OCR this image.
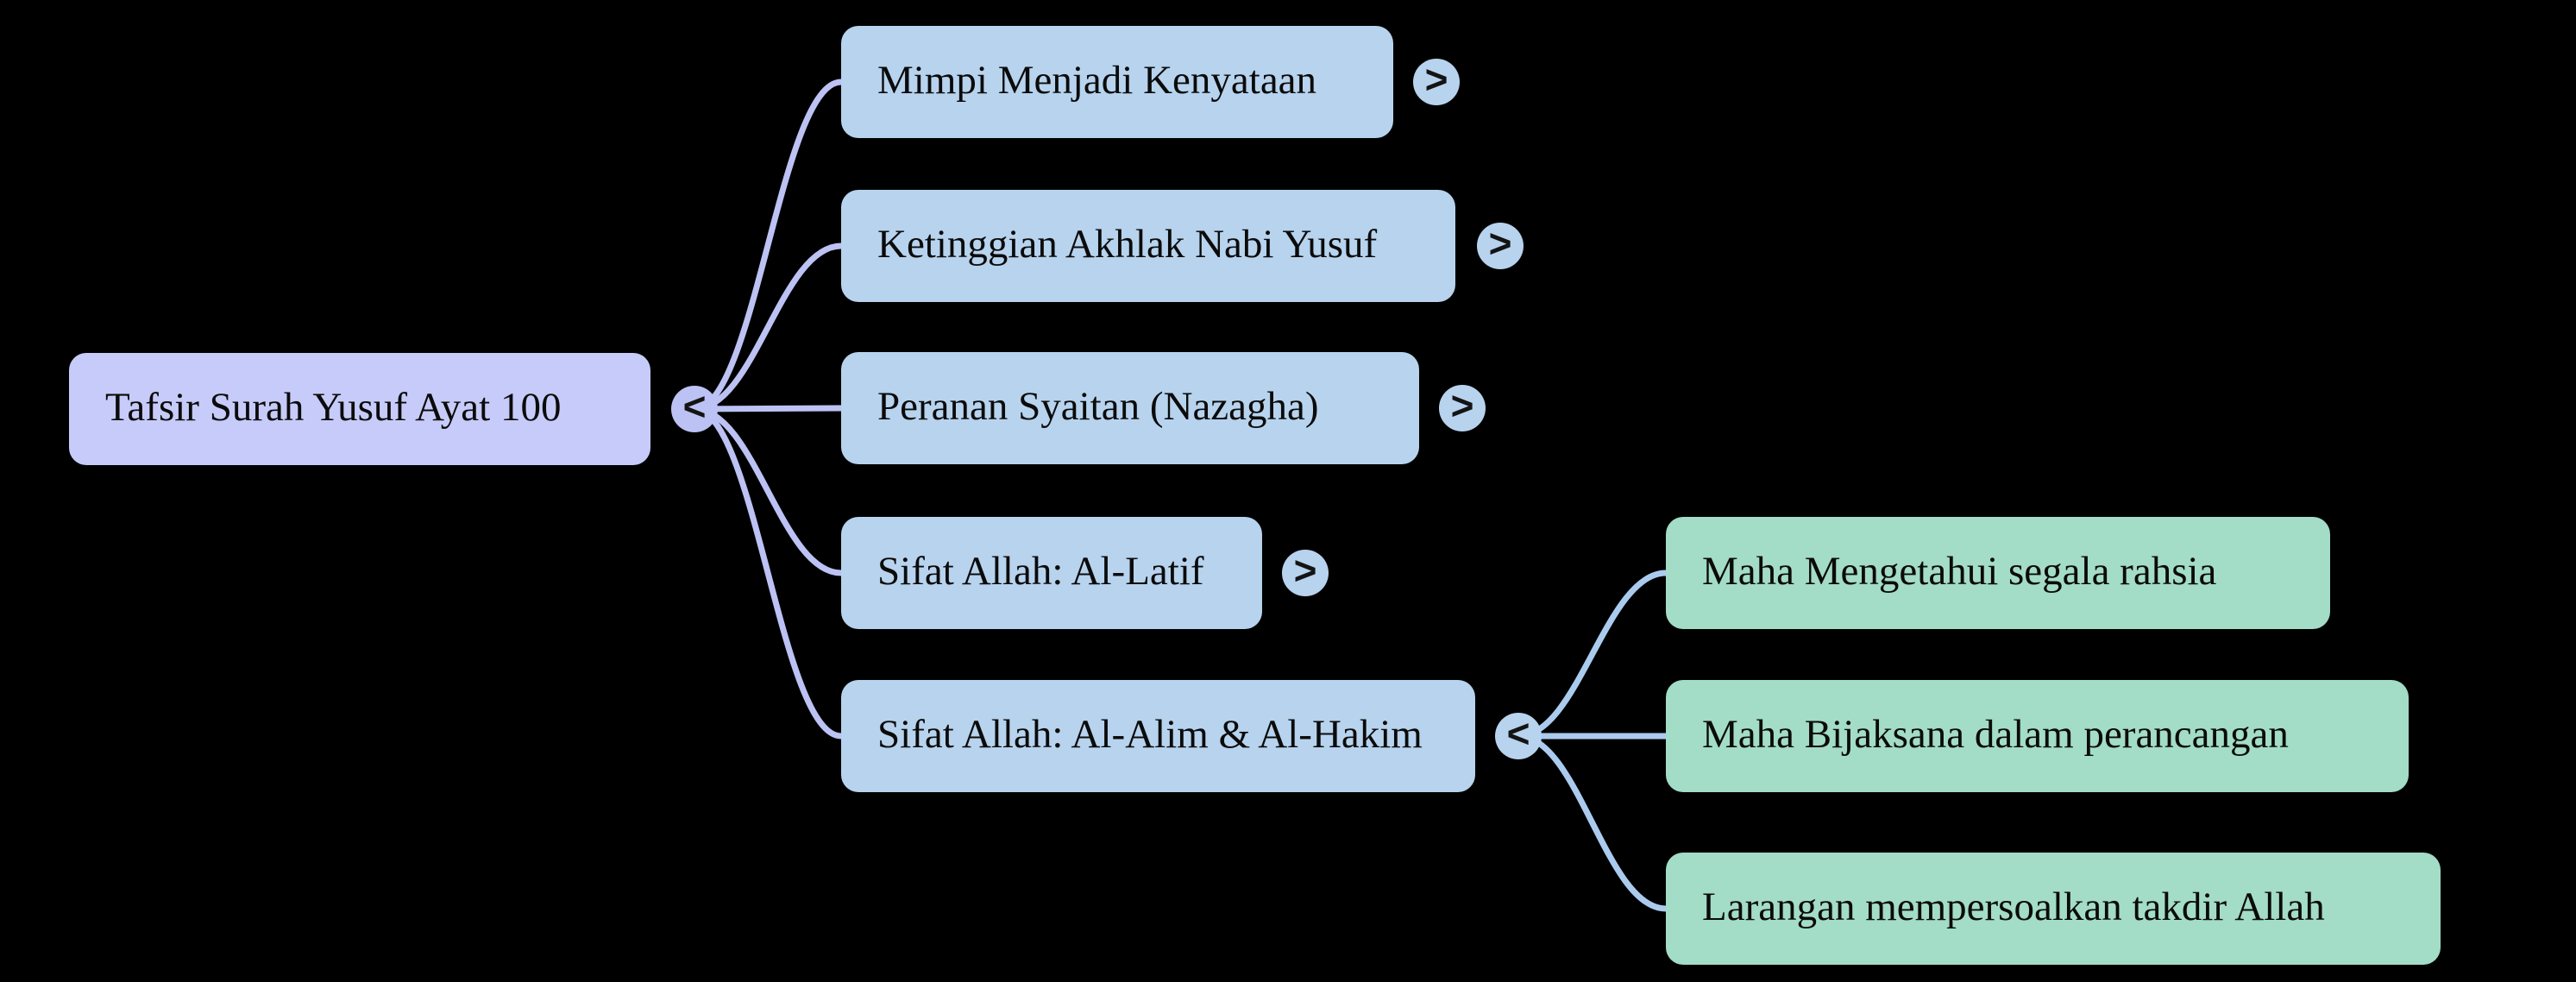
Tafsir Surah Yusuf Ayat 100
Mimpi Menjadi Kenyataan
Ketinggian Akhlak Nabi Yusuf
Peranan Syaitan (Nazagha)
Sifat Allah: Al-Latif
Sifat Allah: Al-Alim & Al-Hakim
Maha Mengetahui segala rahsia
Maha Bijaksana dalam perancangan
Larangan mempersoalkan takdir Allah
<
>
>
>
>
<
